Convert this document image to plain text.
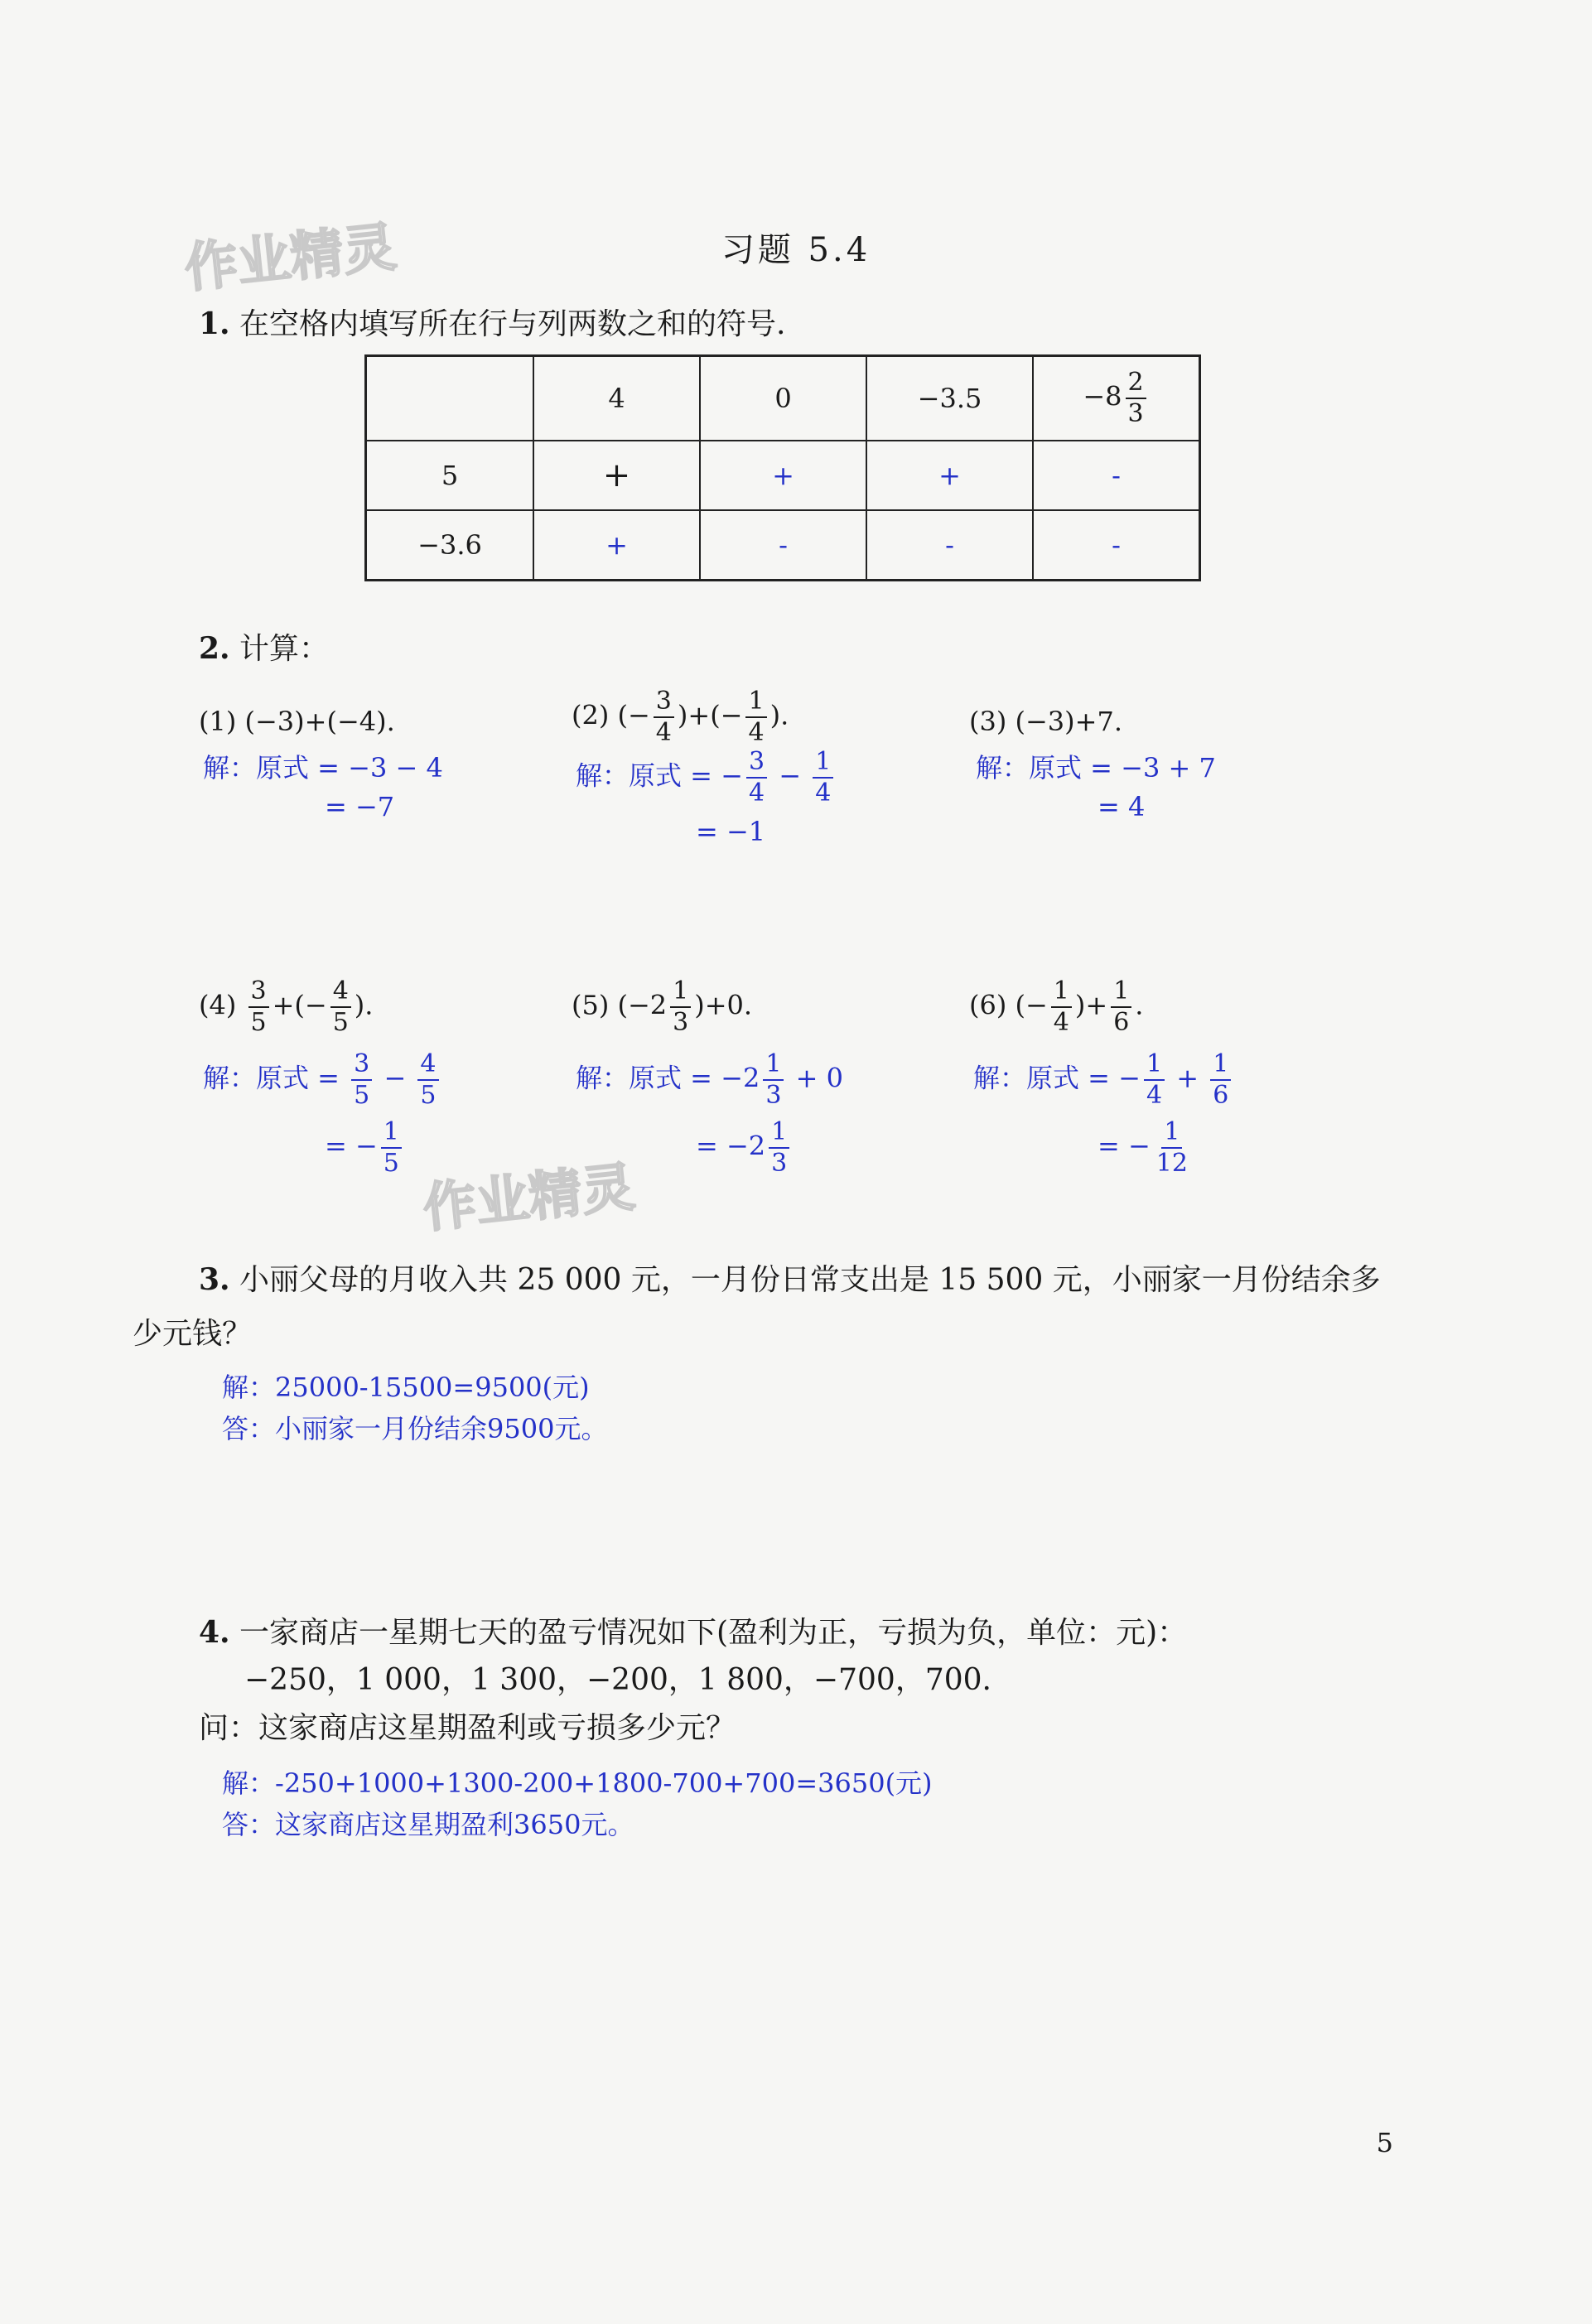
作业精灵
作业精灵
习题 5.4
1. 在空格内填写所在行与列两数之和的符号.
	4	0	−3.5	$-8 \frac{2}{3}$

5	+	+	+	-
−3.6	+	-	-	-
2. 计算：
(1) (−3)+(−4).
解：原式 = −3 − 4
= −7
(2) (− $\frac{3}{4}$ )+(− $\frac{1}{4}$ ).
解：原式 = − $\frac{3}{4} - \frac{1}{4}$
= −1
(3) (−3)+7.
解：原式 = −3 + 7
= 4
$(4) \frac{3}{5}$ +(− $\frac{4}{5}$ ).
解：原式 = $\frac{3}{5} - \frac{4}{5}$
= − $\frac{1}{5}$
(5) $(-2 \frac{1}{3} )+0$.
解：原式 = $-2 \frac{1}{3} + 0$
= $-2 \frac{1}{3}$
(6) (− $\frac{1}{4}$ )+ $\frac{1}{6}$ .
解：原式 = − $\frac{1}{4} + \frac{1}{6}$
= − $\frac{1}{12}$
3. 小丽父母的月收入共 25 000 元，一月份日常支出是 15 500 元，小丽家一月份结余多
少元钱？
解：25000-15500=9500(元)
答：小丽家一月份结余9500元。
4. 一家商店一星期七天的盈亏情况如下(盈利为正，亏损为负，单位：元)：
−250，1 000，1 300，−200，1 800，−700，700.
问：这家商店这星期盈利或亏损多少元？
解：-250+1000+1300-200+1800-700+700=3650(元)
答：这家商店这星期盈利3650元。
5
